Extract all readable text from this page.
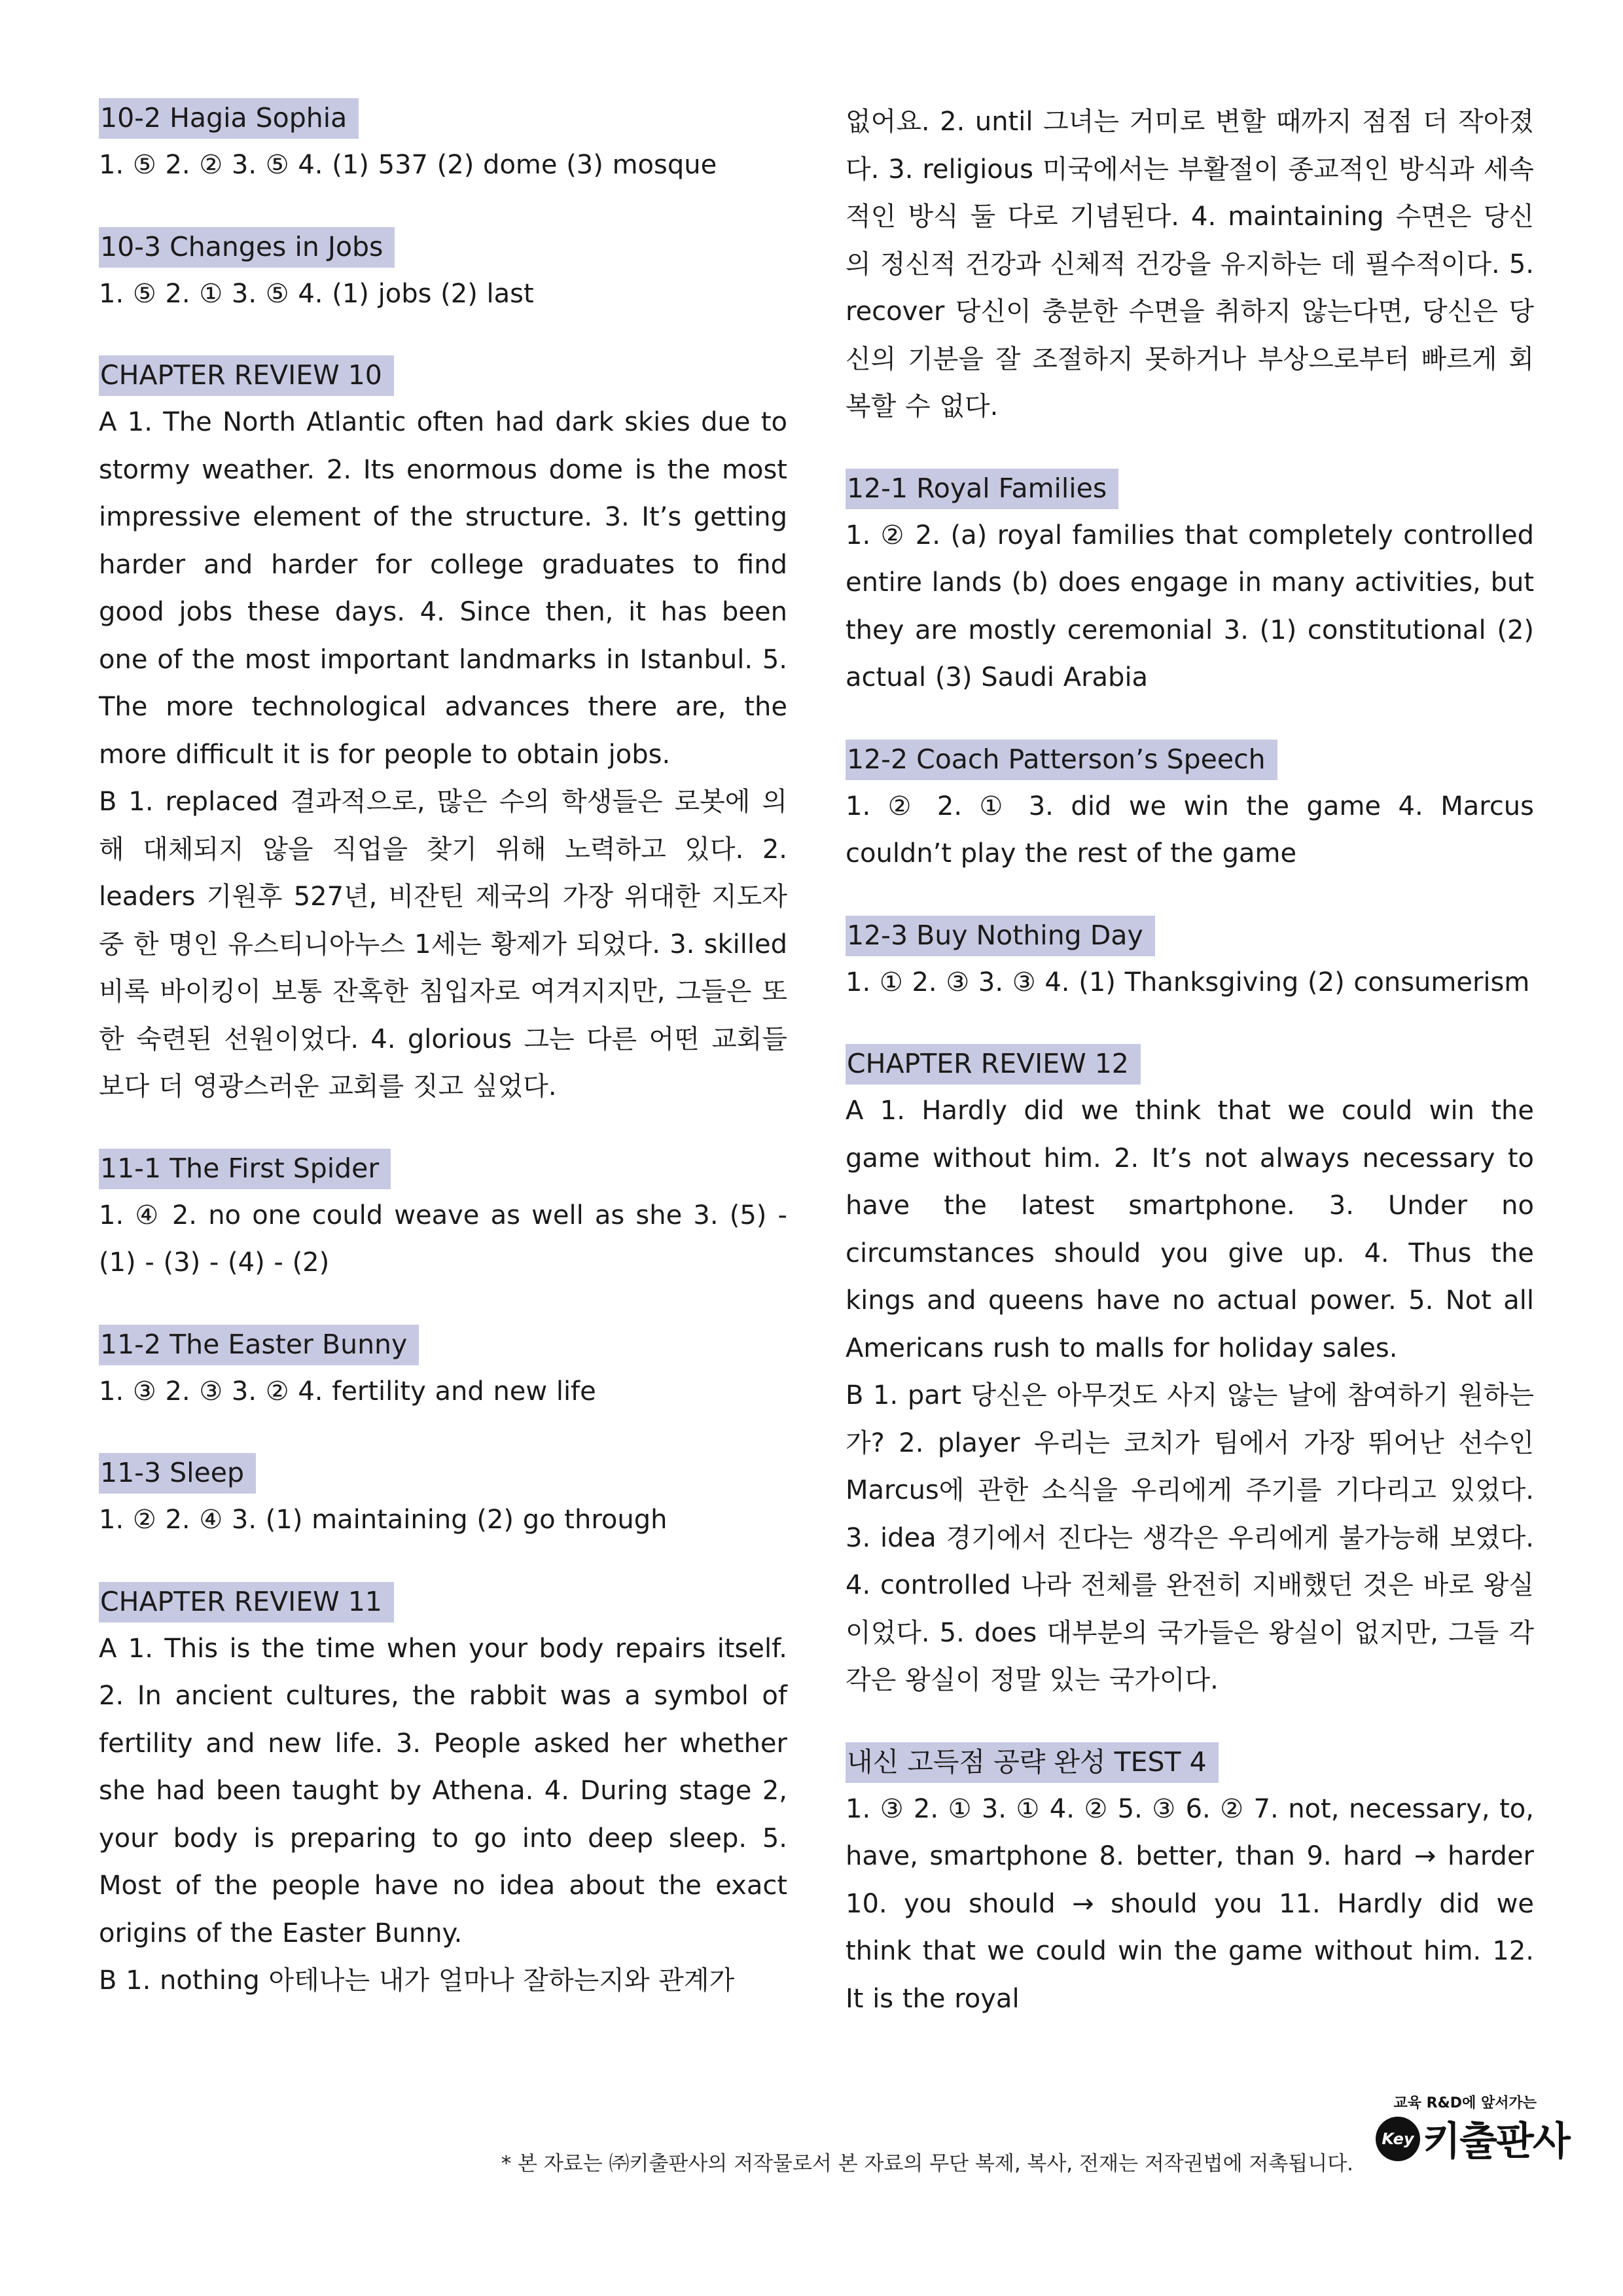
10-2 Hagia Sophia

1. ⑤ 2. ② 3. ⑤ 4. (1) 537 (2) dome (3) mosque

10-3 Changes in Jobs

1. ⑤ 2. ① 3. ⑤ 4. (1) jobs (2) last

CHAPTER REVIEW 10

A 1. The North Atlantic often had dark skies due to stormy weather. 2. Its enormous dome is the most impressive element of the structure. 3. It’s getting harder and harder for college graduates to find good jobs these days. 4. Since then, it has been one of the most important landmarks in Istanbul. 5. The more technological advances there are, the more difficult it is for people to obtain jobs.

B 1. replaced 결과적으로, 많은 수의 학생들은 로봇에 의해 대체되지 않을 직업을 찾기 위해 노력하고 있다. 2. leaders 기원후 527년, 비잔틴 제국의 가장 위대한 지도자 중 한 명인 유스티니아누스 1세는 황제가 되었다. 3. skilled 비록 바이킹이 보통 잔혹한 침입자로 여겨지지만, 그들은 또한 숙련된 선원이었다. 4. glorious 그는 다른 어떤 교회들보다 더 영광스러운 교회를 짓고 싶었다.

11-1 The First Spider

1. ④ 2. no one could weave as well as she 3. (5) - (1) - (3) - (4) - (2)

11-2 The Easter Bunny

1. ③ 2. ③ 3. ② 4. fertility and new life

11-3 Sleep

1. ② 2. ④ 3. (1) maintaining (2) go through

CHAPTER REVIEW 11

A 1. This is the time when your body repairs itself. 2. In ancient cultures, the rabbit was a symbol of fertility and new life. 3. People asked her whether she had been taught by Athena. 4. During stage 2, your body is preparing to go into deep sleep. 5. Most of the people have no idea about the exact origins of the Easter Bunny.

B 1. nothing 아테나는 내가 얼마나 잘하는지와 관계가

없어요. 2. until 그녀는 거미로 변할 때까지 점점 더 작아졌다. 3. religious 미국에서는 부활절이 종교적인 방식과 세속적인 방식 둘 다로 기념된다. 4. maintaining 수면은 당신의 정신적 건강과 신체적 건강을 유지하는 데 필수적이다. 5. recover 당신이 충분한 수면을 취하지 않는다면, 당신은 당신의 기분을 잘 조절하지 못하거나 부상으로부터 빠르게 회복할 수 없다.

12-1 Royal Families

1. ② 2. (a) royal families that completely controlled entire lands (b) does engage in many activities, but they are mostly ceremonial 3. (1) constitutional (2) actual (3) Saudi Arabia

12-2 Coach Patterson’s Speech

1. ② 2. ① 3. did we win the game 4. Marcus couldn’t play the rest of the game

12-3 Buy Nothing Day

1. ① 2. ③ 3. ③ 4. (1) Thanksgiving (2) consumerism

CHAPTER REVIEW 12

A 1. Hardly did we think that we could win the game without him. 2. It’s not always necessary to have the latest smartphone. 3. Under no circumstances should you give up. 4. Thus the kings and queens have no actual power. 5. Not all Americans rush to malls for holiday sales.

B 1. part 당신은 아무것도 사지 않는 날에 참여하기 원하는가? 2. player 우리는 코치가 팀에서 가장 뛰어난 선수인 Marcus에 관한 소식을 우리에게 주기를 기다리고 있었다. 3. idea 경기에서 진다는 생각은 우리에게 불가능해 보였다. 4. controlled 나라 전체를 완전히 지배했던 것은 바로 왕실이었다. 5. does 대부분의 국가들은 왕실이 없지만, 그들 각각은 왕실이 정말 있는 국가이다.

내신 고득점 공략 완성 TEST 4

1. ③ 2. ① 3. ① 4. ② 5. ③ 6. ② 7. not, necessary, to, have, smartphone 8. better, than 9. hard → harder 10. you should → should you 11. Hardly did we think that we could win the game without him. 12. It is the royal

* 본 자료는 ㈜키출판사의 저작물로서 본 자료의 무단 복제, 복사, 전재는 저작권법에 저촉됩니다.
교육 R&D에 앞서가는
Key 키출판사
